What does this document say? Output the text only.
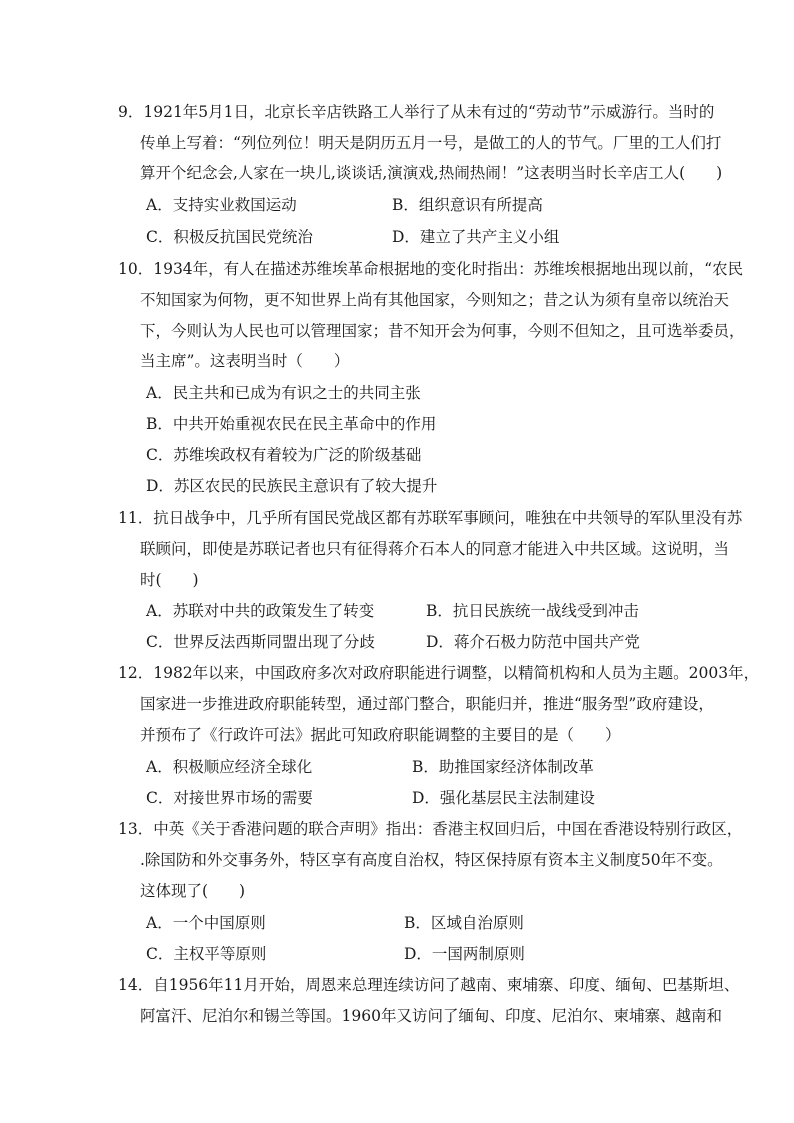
9．1921年5月1日，北京长辛店铁路工人举行了从未有过的“劳动节”示威游行。当时的
传单上写着：“列位列位！明天是阴历五月一号，是做工的人的节气。厂里的工人们打
算开个纪念会,人家在一块儿,谈谈话,演演戏,热闹热闹！”这表明当时长辛店工人(　　)
A．支持实业救国运动	B．组织意识有所提高
C．积极反抗国民党统治	D．建立了共产主义小组
10．1934年，有人在描述苏维埃革命根据地的变化时指出：苏维埃根据地出现以前，“农民
不知国家为何物，更不知世界上尚有其他国家，今则知之；昔之认为须有皇帝以统治天
下，今则认为人民也可以管理国家；昔不知开会为何事，今则不但知之，且可选举委员，
当主席”。这表明当时（　　）
A．民主共和已成为有识之士的共同主张
B．中共开始重视农民在民主革命中的作用
C．苏维埃政权有着较为广泛的阶级基础
D．苏区农民的民族民主意识有了较大提升
11．抗日战争中，几乎所有国民党战区都有苏联军事顾问，唯独在中共领导的军队里没有苏
联顾问，即使是苏联记者也只有征得蒋介石本人的同意才能进入中共区域。这说明，当
时(　　)
A．苏联对中共的政策发生了转变	B．抗日民族统一战线受到冲击
C．世界反法西斯同盟出现了分歧	D．蒋介石极力防范中国共产党
12．1982年以来，中国政府多次对政府职能进行调整，以精简机构和人员为主题。2003年，
国家进一步推进政府职能转型，通过部门整合，职能归并，推进“服务型”政府建设，
并预布了《行政许可法》据此可知政府职能调整的主要目的是（　　）
A．积极顺应经济全球化	B．助推国家经济体制改革
C．对接世界市场的需要	D．强化基层民主法制建设
13．中英《关于香港问题的联合声明》指出：香港主权回归后，中国在香港设特别行政区，
.除国防和外交事务外，特区享有高度自治权，特区保持原有资本主义制度50年不变。
这体现了(　　)
A．一个中国原则	B．区域自治原则
C．主权平等原则	D．一国两制原则
14．自1956年11月开始，周恩来总理连续访问了越南、柬埔寨、印度、缅甸、巴基斯坦、
阿富汗、尼泊尔和锡兰等国。1960年又访问了缅甸、印度、尼泊尔、柬埔寨、越南和
